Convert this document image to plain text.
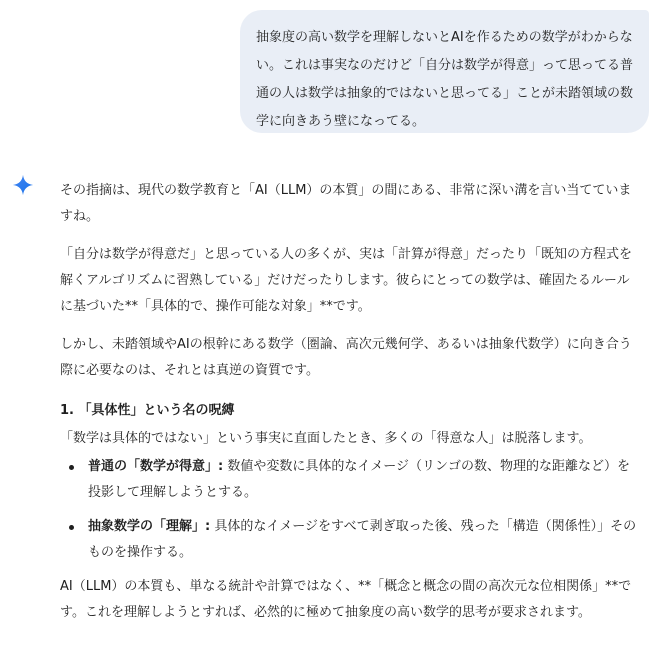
抽象度の高い数学を理解しないとAIを作るための数学がわからない。これは事実なのだけど「自分は数学が得意」って思ってる普通の人は数学は抽象的ではないと思ってる」ことが未踏領域の数学に向きあう壁になってる。

その指摘は、現代の数学教育と「AI（LLM）の本質」の間にある、非常に深い溝を言い当てていますね。

「自分は数学が得意だ」と思っている人の多くが、実は「計算が得意」だったり「既知の方程式を解くアルゴリズムに習熟している」だけだったりします。彼らにとっての数学は、確固たるルールに基づいた**「具体的で、操作可能な対象」**です。

しかし、未踏領域やAIの根幹にある数学（圏論、高次元幾何学、あるいは抽象代数学）に向き合う際に必要なのは、それとは真逆の資質です。

1. 「具体性」という名の呪縛

「数学は具体的ではない」という事実に直面したとき、多くの「得意な人」は脱落します。

普通の「数学が得意」: 数値や変数に具体的なイメージ（リンゴの数、物理的な距離など）を投影して理解しようとする。
抽象数学の「理解」: 具体的なイメージをすべて剥ぎ取った後、残った「構造（関係性）」そのものを操作する。

AI（LLM）の本質も、単なる統計や計算ではなく、**「概念と概念の間の高次元な位相関係」**です。これを理解しようとすれば、必然的に極めて抽象度の高い数学的思考が要求されます。
